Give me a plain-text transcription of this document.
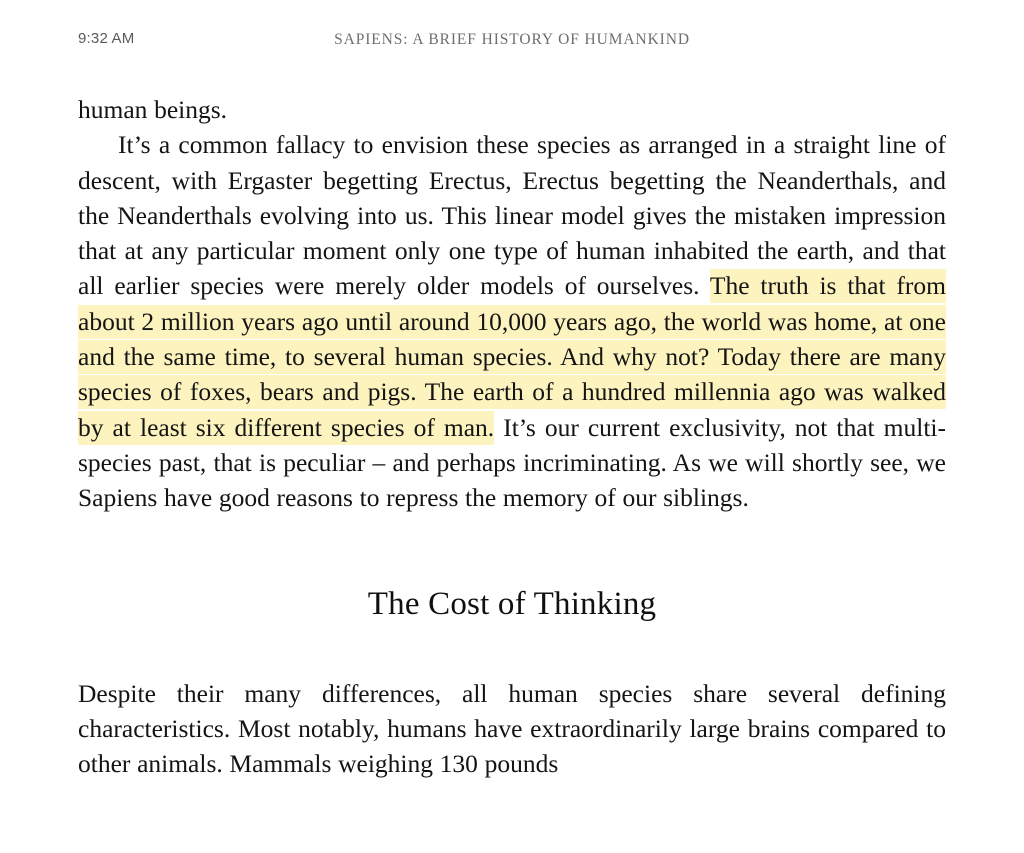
9:32 AM	SAPIENS: A BRIEF HISTORY OF HUMANKIND

human beings.

It’s a common fallacy to envision these species as arranged in a straight line of descent, with Ergaster begetting Erectus, Erectus begetting the Neanderthals, and the Neanderthals evolving into us. This linear model gives the mistaken impression that at any particular moment only one type of human inhabited the earth, and that all earlier species were merely older models of ourselves. The truth is that from about 2 million years ago until around 10,000 years ago, the world was home, at one and the same time, to several human species. And why not? Today there are many species of foxes, bears and pigs. The earth of a hundred millennia ago was walked by at least six different species of man. It’s our current exclusivity, not that multi-species past, that is peculiar – and perhaps incriminating. As we will shortly see, we Sapiens have good reasons to repress the memory of our siblings.

The Cost of Thinking

Despite their many differences, all human species share several defining characteristics. Most notably, humans have extraordinarily large brains compared to other animals. Mammals weighing 130 pounds
